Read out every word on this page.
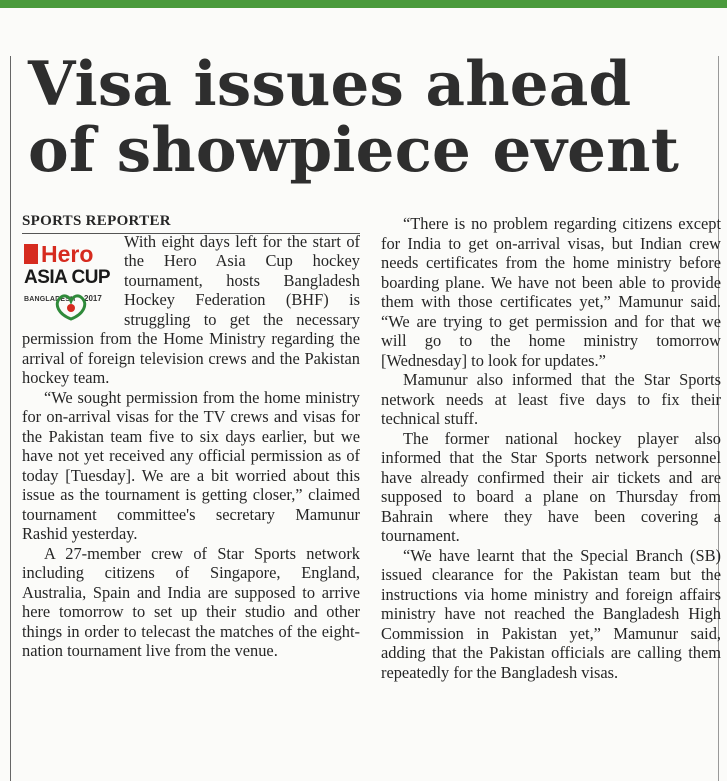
Visa issues ahead of showpiece event

SPORTS REPORTER

Hero
ASIA CUP
BANGLADESH 2017

With eight days left for the start of the Hero Asia Cup hockey tournament, hosts Bangladesh Hockey Federation (BHF) is struggling to get the necessary permission from the Home Ministry regarding the arrival of foreign television crews and the Pakistan hockey team.

“We sought permission from the home ministry for on-arrival visas for the TV crews and visas for the Pakistan team five to six days earlier, but we have not yet received any official permission as of today [Tuesday]. We are a bit worried about this issue as the tournament is getting closer,” claimed tournament committee's secretary Mamunur Rashid yesterday.

A 27-member crew of Star Sports network including citizens of Singapore, England, Australia, Spain and India are supposed to arrive here tomorrow to set up their studio and other things in order to telecast the matches of the eight-nation tournament live from the venue.

“There is no problem regarding citizens except for India to get on-arrival visas, but Indian crew needs certificates from the home ministry before boarding plane. We have not been able to provide them with those certificates yet,” Mamunur said. “We are trying to get permission and for that we will go to the home ministry tomorrow [Wednesday] to look for updates.”

Mamunur also informed that the Star Sports network needs at least five days to fix their technical stuff.

The former national hockey player also informed that the Star Sports network personnel have already confirmed their air tickets and are supposed to board a plane on Thursday from Bahrain where they have been covering a tournament.

“We have learnt that the Special Branch (SB) issued clearance for the Pakistan team but the instructions via home ministry and foreign affairs ministry have not reached the Bangladesh High Commission in Pakistan yet,” Mamunur said, adding that the Pakistan officials are calling them repeatedly for the Bangladesh visas.
